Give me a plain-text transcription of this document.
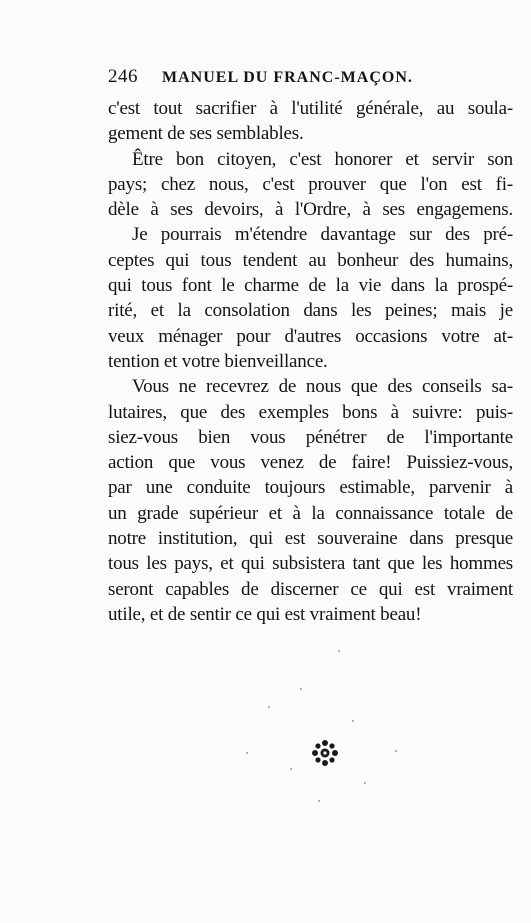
246 MANUEL DU FRANC-MAÇON.
c'est tout sacrifier à l'utilité générale, au soula-
gement de ses semblables.
Être bon citoyen, c'est honorer et servir son
pays; chez nous, c'est prouver que l'on est fi-
dèle à ses devoirs, à l'Ordre, à ses engagemens.
Je pourrais m'étendre davantage sur des pré-
ceptes qui tous tendent au bonheur des humains,
qui tous font le charme de la vie dans la prospé-
rité, et la consolation dans les peines; mais je
veux ménager pour d'autres occasions votre at-
tention et votre bienveillance.
Vous ne recevrez de nous que des conseils sa-
lutaires, que des exemples bons à suivre: puis-
siez-vous bien vous pénétrer de l'importante
action que vous venez de faire! Puissiez-vous,
par une conduite toujours estimable, parvenir à
un grade supérieur et à la connaissance totale de
notre institution, qui est souveraine dans presque
tous les pays, et qui subsistera tant que les hommes
seront capables de discerner ce qui est vraiment
utile, et de sentir ce qui est vraiment beau!
